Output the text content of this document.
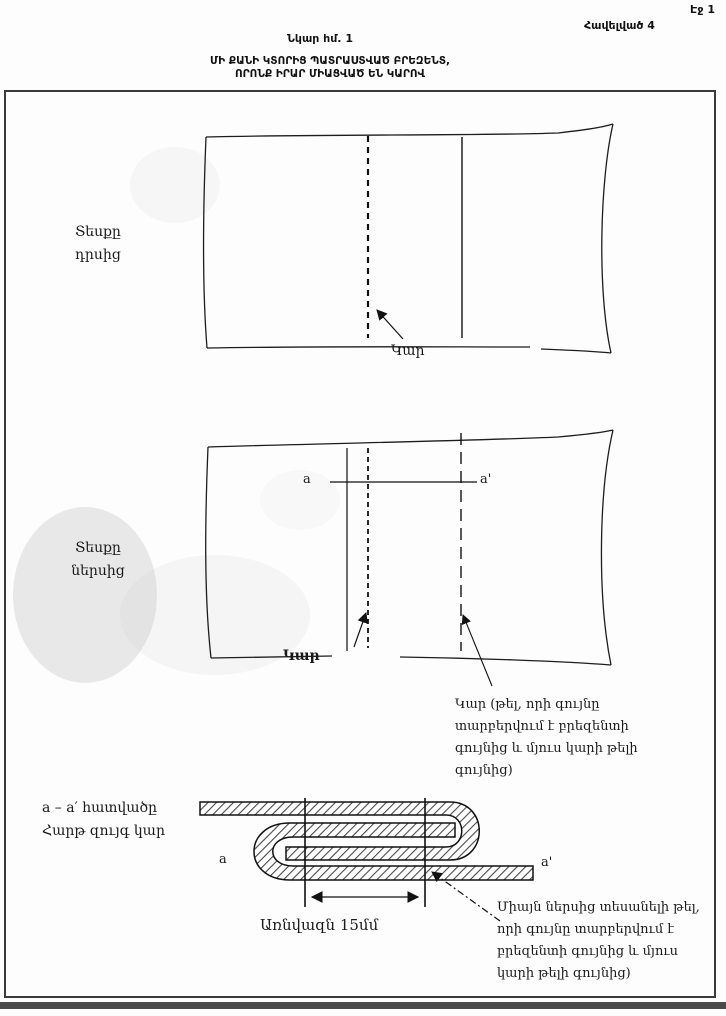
Էջ 1
Հավելված 4
Նկար հմ. 1
ՄԻ ՔԱՆԻ ԿՏՈՐԻՑ ՊԱՏՐԱՍՏՎԱԾ ԲՐԵԶԵՆՏ,
ՈՐՈՆՔ ԻՐԱՐ ՄԻԱՑՎԱԾ ԵՆ ԿԱՐՈՎ
Տեսքը
դրսից
Կար
Տեսքը
ներսից
a	a'
Կար
Կար (թել, որի գույնը
տարբերվում է բրեզենտի
գույնից և մյուս կարի թելի
գույնից)
a – a′ հատվածը
Հարթ զույգ կար
a	a'
Առնվազն 15մմ
Միայն ներսից տեսանելի թել,
որի գույնը տարբերվում է
բրեզենտի գույնից և մյուս
կարի թելի գույնից)
